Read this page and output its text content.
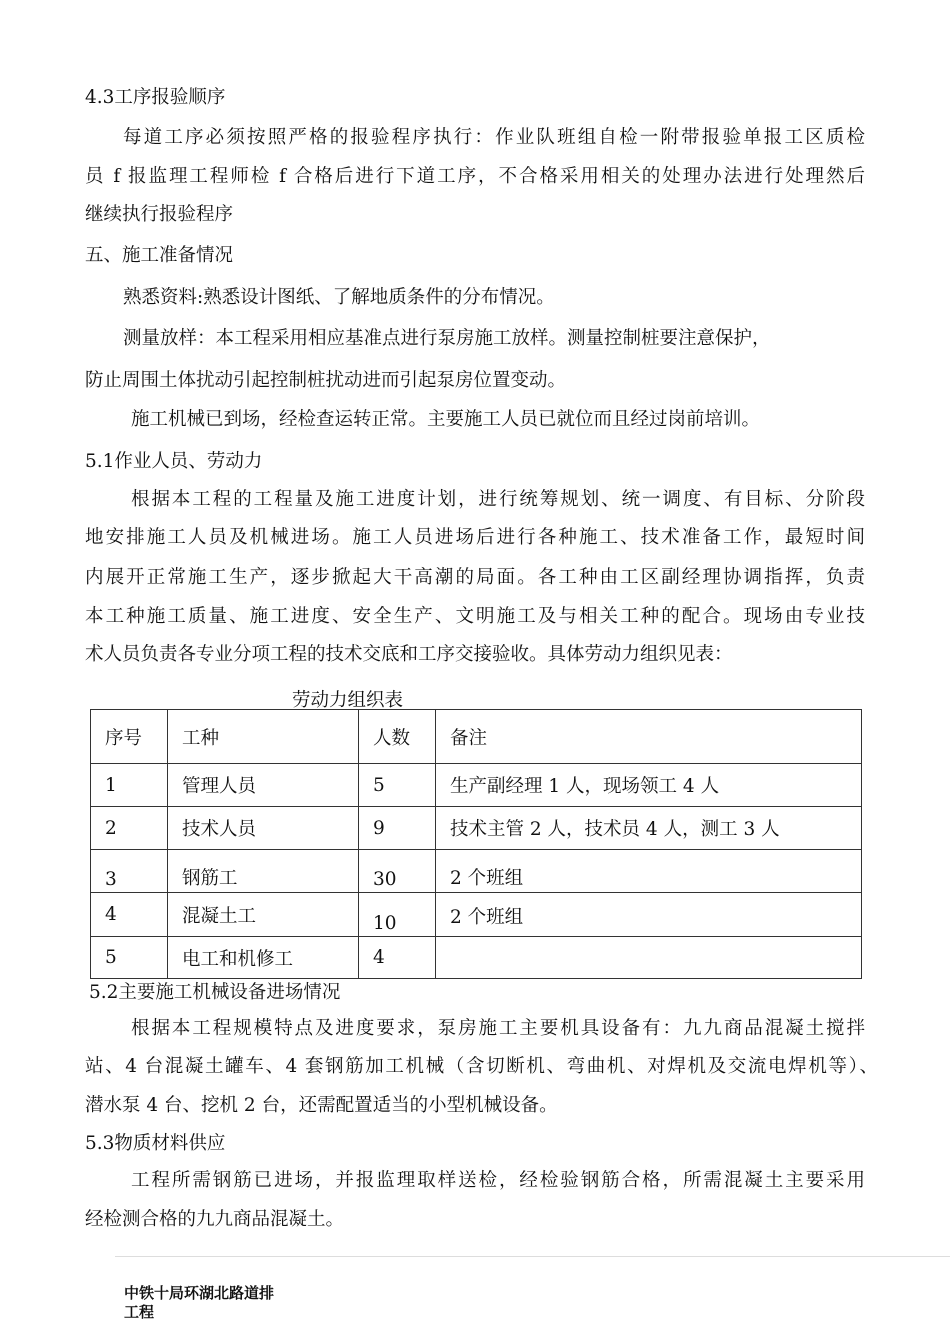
4.3工序报验顺序
每道工序必须按照严格的报验程序执行：作业队班组自检一附带报验单报工区质检
员 f 报监理工程师检 f 合格后进行下道工序，不合格采用相关的处理办法进行处理然后
继续执行报验程序
五、施工准备情况
熟悉资料:熟悉设计图纸、了解地质条件的分布情况。
测量放样：本工程采用相应基准点进行泵房施工放样。测量控制桩要注意保护，
防止周围土体扰动引起控制桩扰动进而引起泵房位置变动。
施工机械已到场，经检查运转正常。主要施工人员已就位而且经过岗前培训。
5.1作业人员、劳动力
根据本工程的工程量及施工进度计划，进行统筹规划、统一调度、有目标、分阶段
地安排施工人员及机械进场。施工人员进场后进行各种施工、技术准备工作，最短时间
内展开正常施工生产，逐步掀起大干高潮的局面。各工种由工区副经理协调指挥，负责
本工种施工质量、施工进度、安全生产、文明施工及与相关工种的配合。现场由专业技
术人员负责各专业分项工程的技术交底和工序交接验收。具体劳动力组织见表：
劳动力组织表
序号	工种	人数	备注
1	管理人员	5	生产副经理 1 人，现场领工 4 人
2	技术人员	9	技术主管 2 人，技术员 4 人，测工 3 人
3	钢筋工	30	2 个班组
4	混凝土工	10	2 个班组
5	电工和机修工	4	
5.2主要施工机械设备进场情况
根据本工程规模特点及进度要求，泵房施工主要机具设备有：九九商品混凝土搅拌
站、4 台混凝土罐车、4 套钢筋加工机械（含切断机、弯曲机、对焊机及交流电焊机等）、
潜水泵 4 台、挖机 2 台，还需配置适当的小型机械设备。
5.3物质材料供应
工程所需钢筋已进场，并报监理取样送检，经检验钢筋合格，所需混凝土主要采用
经检测合格的九九商品混凝土。
中铁十局环湖北路道排
工程
